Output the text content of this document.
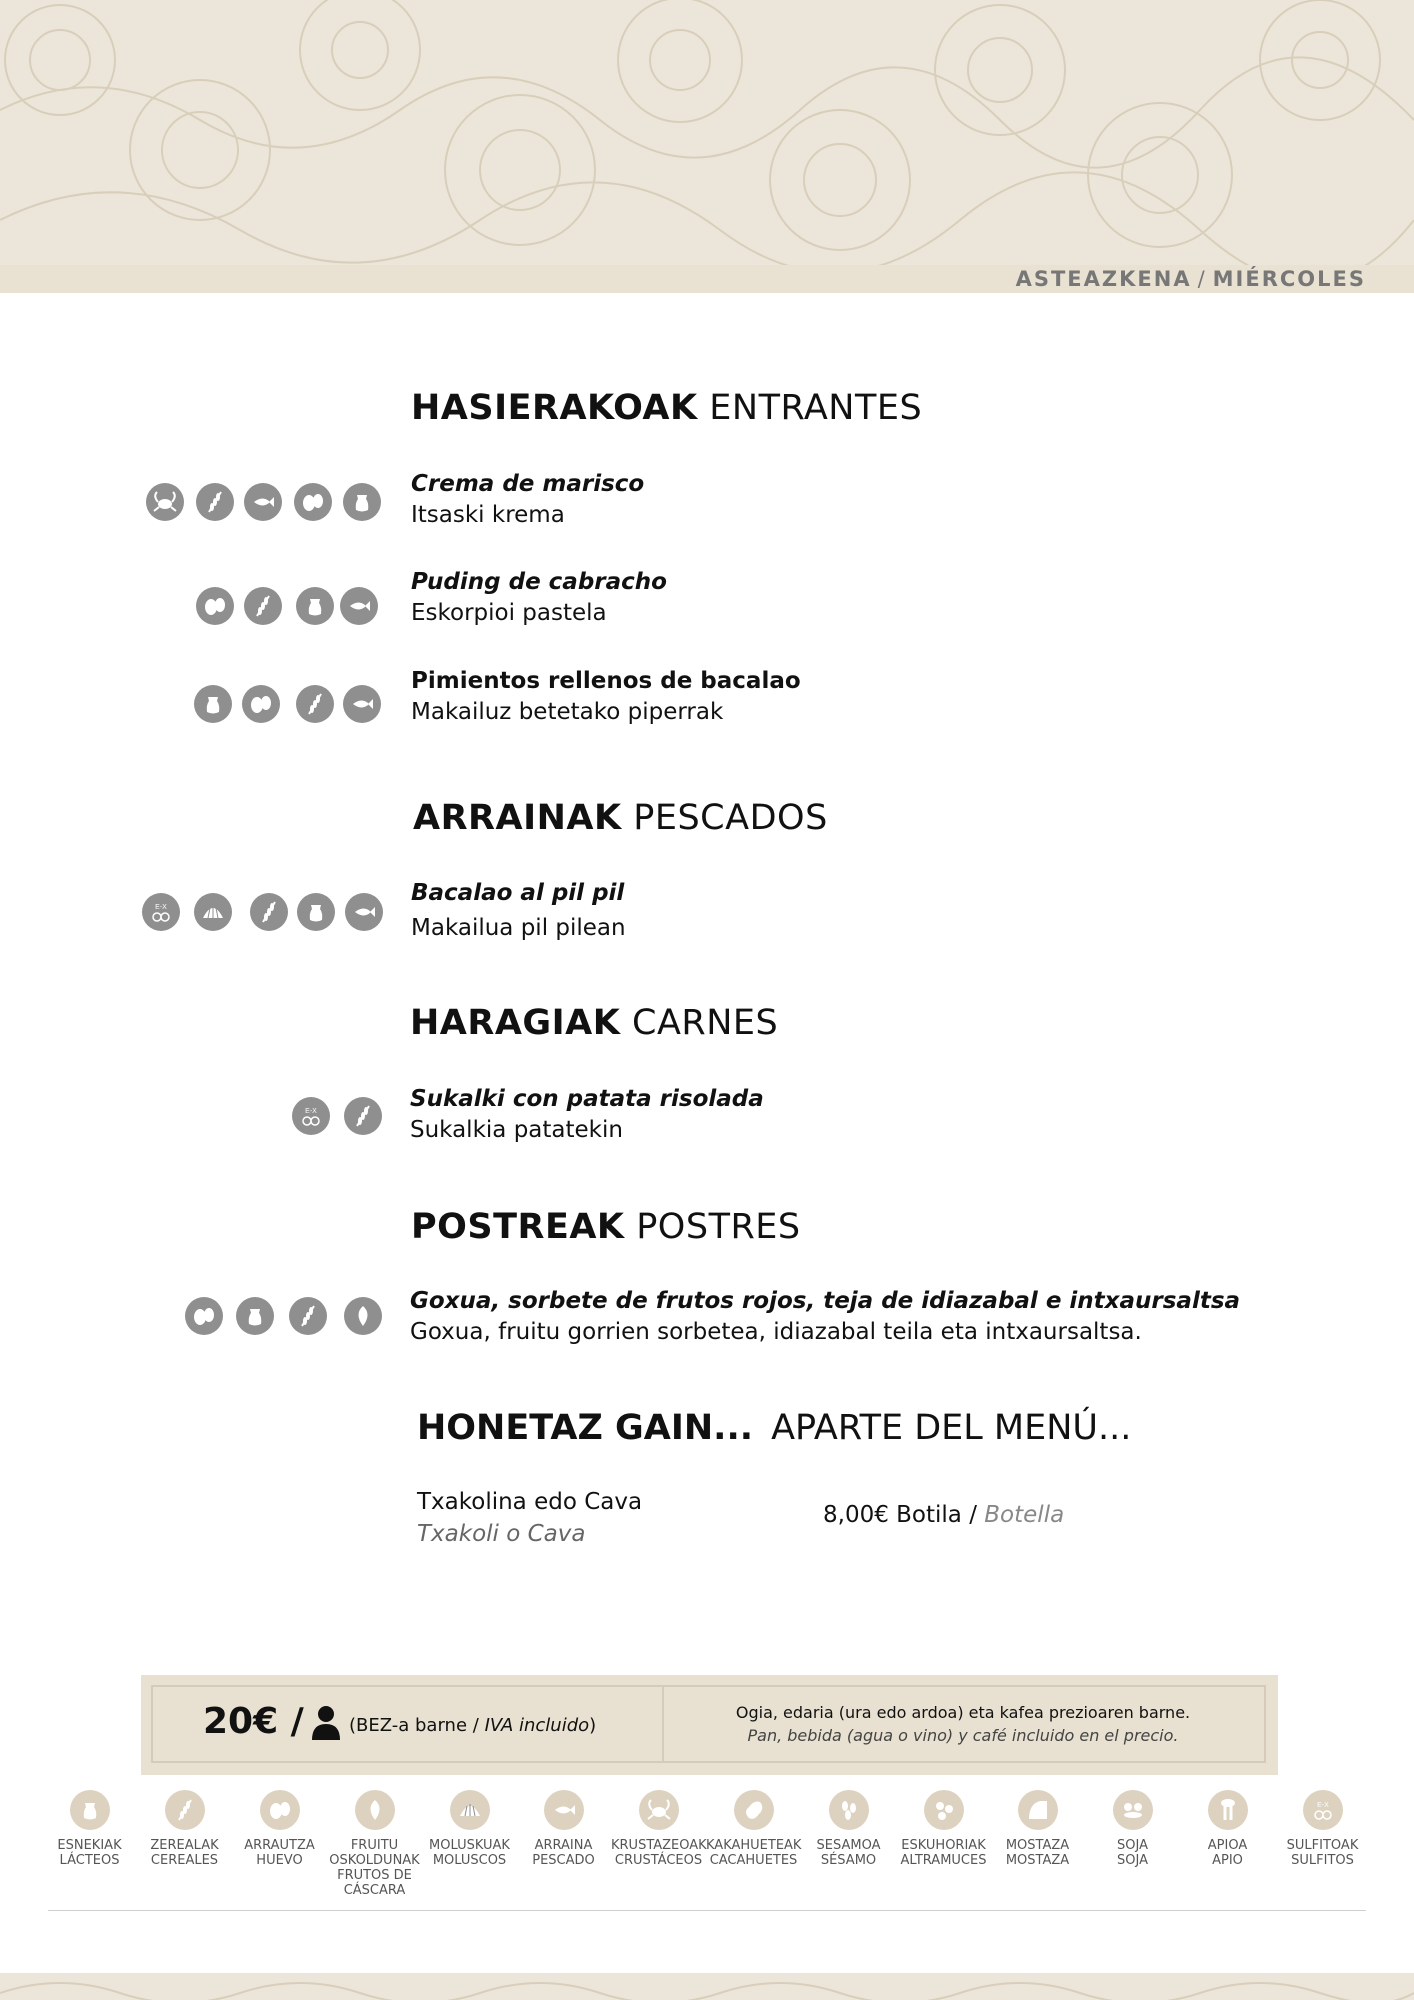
ASTEAZKENA / MIÉRCOLES
HASIERAKOAK ENTRANTES
ARRAINAK PESCADOS
HARAGIAK CARNES
POSTREAK POSTRES
Crema de marisco
Itsaski krema
Puding de cabracho
Eskorpioi pastela
Pimientos rellenos de bacalao
Makailuz betetako piperrak
Bacalao al pil pil
Makailua pil pilean
Sukalki con patata risolada
Sukalkia patatekin
Goxua, sorbete de frutos rojos, teja de idiazabal e intxaursaltsa
Goxua, fruitu gorrien sorbetea, idiazabal teila eta intxaursaltsa.
E-X
E-X
HONETAZ GAIN... APARTE DEL MENÚ...
Txakolina edo Cava
Txakoli o Cava
8,00€ Botila / Botella
20€ /	(BEZ-a barne / IVA incluido)
Ogia, edaria (ura edo ardoa) eta kafea prezioaren barne.
Pan, bebida (agua o vino) y café incluido en el precio.
ESNEKIAK
LÁCTEOS
ZEREALAK
CEREALES
ARRAUTZA
HUEVO
FRUITU OSKOLDUNAK
FRUTOS DE CÁSCARA
MOLUSKUAK
MOLUSCOS
ARRAINA
PESCADO
KRUSTAZEOAK
CRUSTÁCEOS
KAKAHUETEAK
CACAHUETES
SESAMOA
SÉSAMO
ESKUHORIAK
ALTRAMUCES
MOSTAZA
MOSTAZA
SOJA
SOJA
APIOA
APIO
E-X
SULFITOAK
SULFITOS
